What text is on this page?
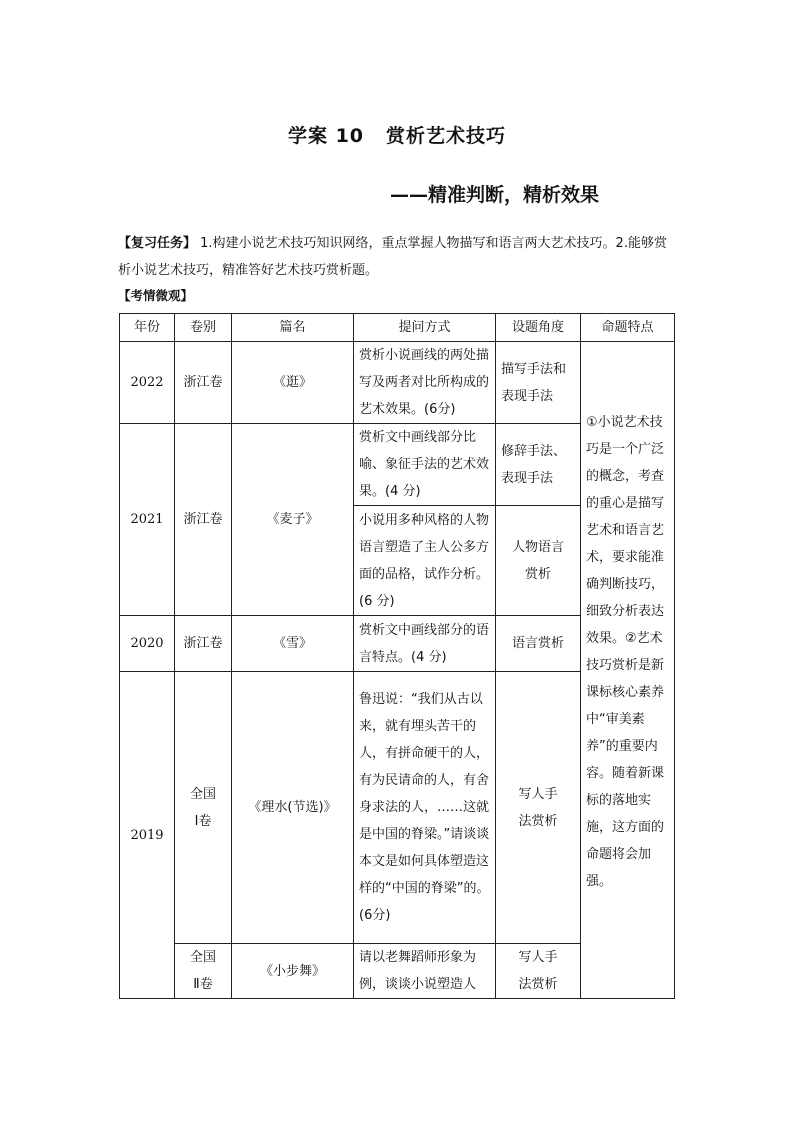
学案 10 赏析艺术技巧
——精准判断，精析效果
【复习任务】 1.构建小说艺术技巧知识网络，重点掌握人物描写和语言两大艺术技巧。2.能够赏析小说艺术技巧，精准答好艺术技巧赏析题。
【考情微观】
年份	卷别	篇名	提问方式	设题角度	命题特点
2022	浙江卷	《逛》	赏析小说画线的两处描写及两者对比所构成的艺术效果。(6分)	描写手法和表现手法	①小说艺术技巧是一个广泛的概念，考查的重心是描写艺术和语言艺术，要求能准确判断技巧，细致分析表达效果。②艺术技巧赏析是新课标核心素养中“审美素养”的重要内容。随着新课标的落地实施，这方面的命题将会加强。
2021	浙江卷	《麦子》	赏析文中画线部分比喻、象征手法的艺术效果。(4 分)	修辞手法、表现手法	
			小说用多种风格的人物语言塑造了主人公多方面的品格，试作分析。(6 分)	人物语言赏析	
2020	浙江卷	《雪》	赏析文中画线部分的语言特点。(4 分)	语言赏析	
2019	全国Ⅰ卷	《理水(节选)》	鲁迅说：“我们从古以来，就有埋头苦干的人，有拼命硬干的人，有为民请命的人，有舍身求法的人，……这就是中国的脊梁。”请谈谈本文是如何具体塑造这样的“中国的脊梁”的。(6分)	写人手法赏析	
	全国Ⅱ卷	《小步舞》	请以老舞蹈师形象为例，谈谈小说塑造人	写人手法赏析	
